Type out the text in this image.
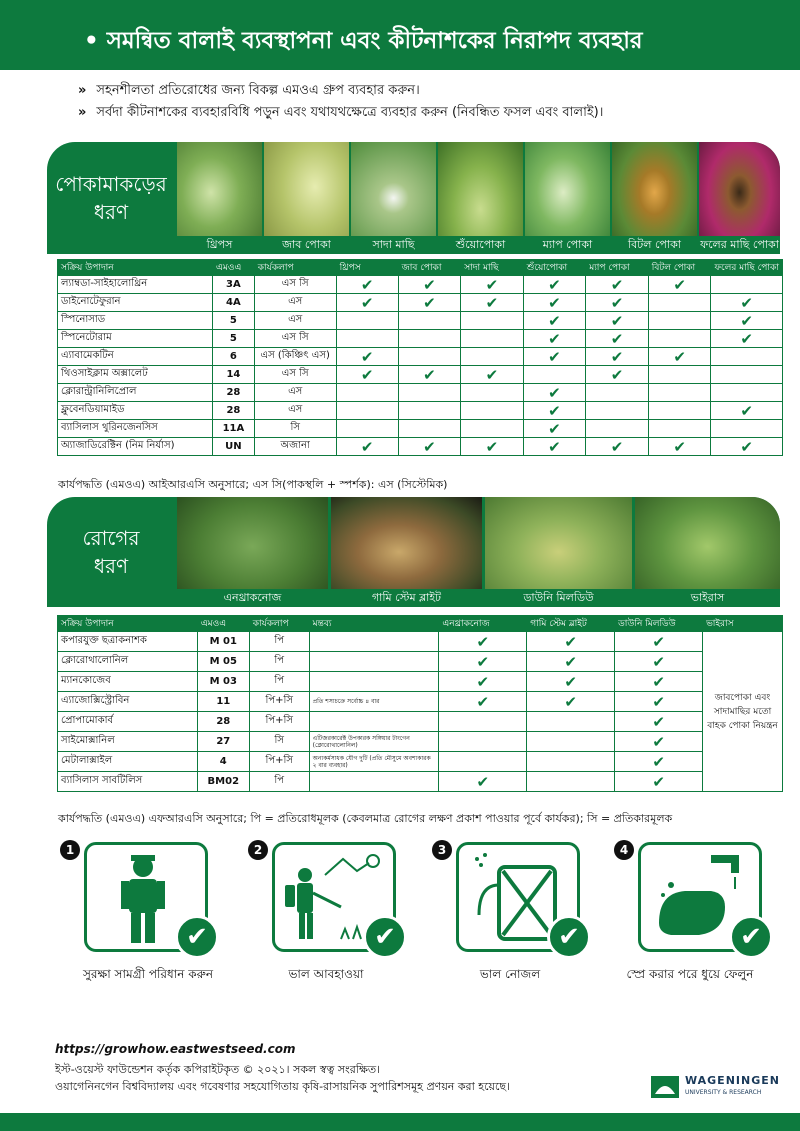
• সমন্বিত বালাই ব্যবস্থাপনা এবং কীটনাশকের নিরাপদ ব্যবহার
» সহনশীলতা প্রতিরোধের জন্য বিকল্প এমওএ গ্রুপ ব্যবহার করুন।
» সর্বদা কীটনাশকের ব্যবহারবিধি পড়ুন এবং যথাযথক্ষেত্রে ব্যবহার করুন (নিবন্ধিত ফসল এবং বালাই)।
পোকামাকড়ের
ধরণ
থ্রিপস	জাব পোকা	সাদা মাছি	শুঁয়োপোকা	ম্যাপ পোকা	বিটল পোকা	ফলের মাছি পোকা
সক্রিয় উপাদান	এমওএ	কার্যকলাপ	থ্রিপস	জাব পোকা	সাদা মাছি	শুঁয়োপোকা	ম্যাপ পোকা	বিটল পোকা	ফলের মাছি পোকা
ল্যাম্বডা-সাইহালোথ্রিন	3A	এস সি	✔	✔	✔	✔	✔	✔	

ডাইনোটেফুরান	4A	এস	✔	✔	✔	✔	✔		✔

স্পিনোসাড	5	এস				✔	✔		✔

স্পিনেটোরাম	5	এস সি				✔	✔		✔

এ্যাবামেকটিন	6	এস (কিঞ্চিৎ এস)	✔			✔	✔	✔	

থিওসাইক্লাম অক্সালেট	14	এস সি	✔	✔	✔		✔		

ক্লোরান্ট্রানিলিপ্রোল	28	এস				✔			

ফ্লুবেনডিয়ামাইড	28	এস				✔			✔

ব্যাসিলাস থুরিনজেনসিস	11A	সি				✔			

অ্যাজাডিরেক্টিন (নিম নির্যাস)	UN	অজানা	✔	✔	✔	✔	✔	✔	✔
কার্যপদ্ধতি (এমওএ) আইআরএসি অনুসারে; এস সি(পাকস্থলি + স্পর্শক): এস (সিস্টেমিক)
রোগের
ধরণ
এনথ্রাকনোজ	গামি স্টেম ব্লাইট	ডাউনি মিলডিউ	ভাইরাস
সক্রিয় উপাদান	এমওএ	কার্যকলাপ	মন্তব্য	এনথ্রাকনোজ	গামি স্টেম ব্লাইট	ডাউনি মিলডিউ	ভাইরাস
কপারযুক্ত ছত্রাকনাশক	M 01	পি		✔	✔	✔	জাবপোকা এবং সাদামাছির মতো বাহক পোকা নিয়ন্ত্রন
ক্লোরোথালোনিল	M 05	পি		✔	✔	✔	

ম্যানকোজেব	M 03	পি		✔	✔	✔	

এ্যাজোক্সিস্ট্রোবিন	11	পি+সি	প্রতি শস্যচক্রে সর্বোচ্চ ৪ বার	✔	✔	✔	

প্রোপামোকার্ব	28	পি+সি				✔	

সাইমোক্সানিল	27	সি	এটিজরকারেক্ট উপকারক সঙ্গিয়ার টাংগেন (ক্লোরোথালোনিল)			✔	

মেটালাক্সাইল	4	পি+সি	অন্যকর্মসাধক যৌগ দুটি (প্রতি মৌসুমে অবশ্যকারক ২ বার ব্যবহার)			✔	

ব্যাসিলাস সাবটিলিস	BM02	পি		✔		✔	
কার্যপদ্ধতি (এমওএ) এফআরএসি অনুসারে; পি = প্রতিরোধমূলক (কেবলমাত্র রোগের লক্ষণ প্রকাশ পাওয়ার পূর্বে কার্যকর); সি = প্রতিকারমূলক
1
✔
2
✔
3
✔
4
✔
সুরক্ষা সামগ্রী পরিধান করুন	ভাল আবহাওয়া	ভাল নোজল	স্প্রে করার পরে ধুয়ে ফেলুন
https://growhow.eastwestseed.com
ইস্ট-ওয়েস্ট ফাউন্ডেশন কর্তৃক কপিরাইটকৃত © ২০২১। সকল স্বত্ব সংরক্ষিত।
ওয়াগেনিনগেন বিশ্ববিদ্যালয় এবং গবেষণার সহযোগিতায় কৃষি-রাসায়নিক সুপারিশসমূহ প্রণয়ন করা হয়েছে।	WAGENINGEN
UNIVERSITY & RESEARCH
